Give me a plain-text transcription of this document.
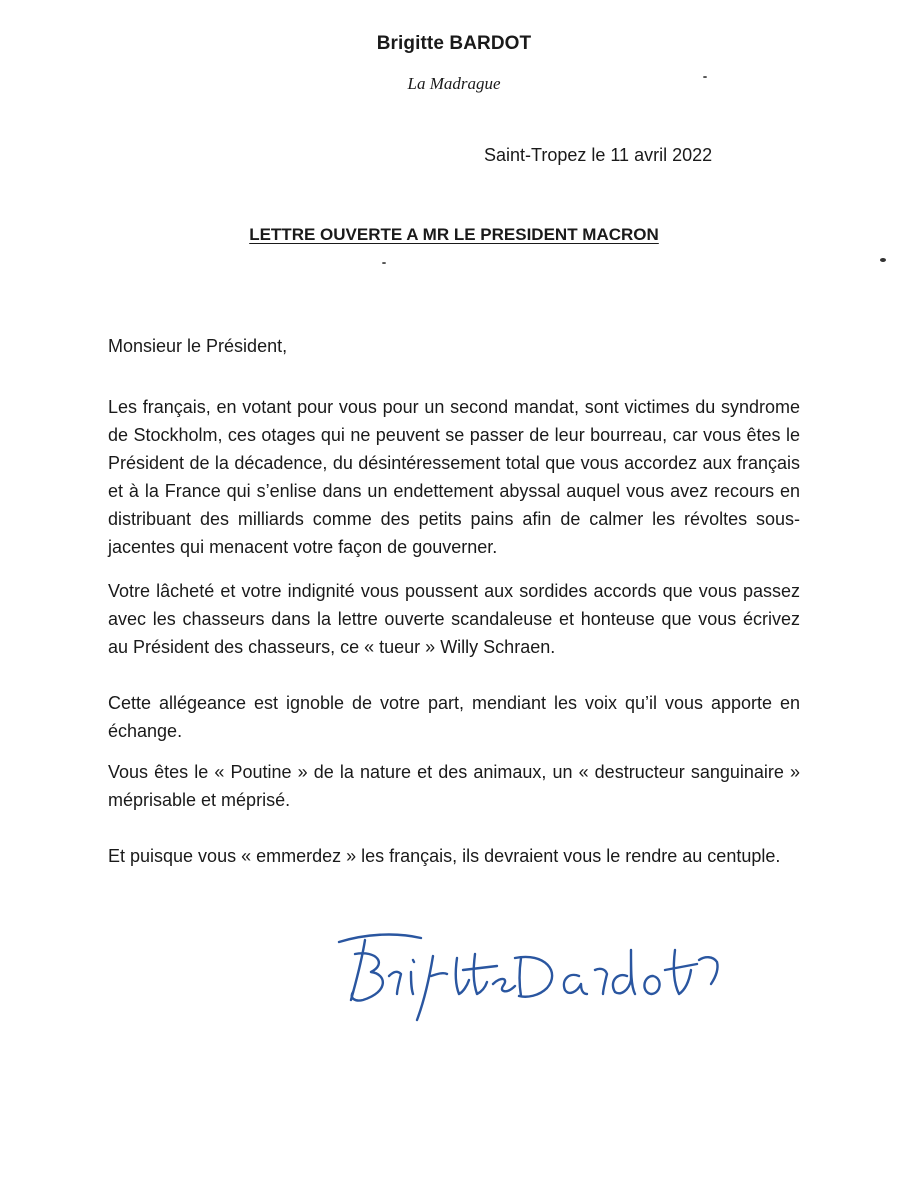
Brigitte BARDOT
La Madrague
Saint-Tropez le 11 avril 2022
LETTRE OUVERTE A MR LE PRESIDENT MACRON
Monsieur le Président,
Les français, en votant pour vous pour un second mandat, sont victimes du syndrome de Stockholm, ces otages qui ne peuvent se passer de leur bourreau, car vous êtes le Président de la décadence, du désintéressement total que vous accordez aux français et à la France qui s’enlise dans un endettement abyssal auquel vous avez recours en distribuant des milliards comme des petits pains afin de calmer les révoltes sous-jacentes qui menacent votre façon de gouverner.
Votre lâcheté et votre indignité vous poussent aux sordides accords que vous passez avec les chasseurs dans la lettre ouverte scandaleuse et honteuse que vous écrivez au Président des chasseurs, ce « tueur » Willy Schraen.
Cette allégeance est ignoble de votre part, mendiant les voix qu’il vous apporte en échange.
Vous êtes le « Poutine » de la nature et des animaux, un « destructeur sanguinaire » méprisable et méprisé.
Et puisque vous « emmerdez » les français, ils devraient vous le rendre au centuple.
